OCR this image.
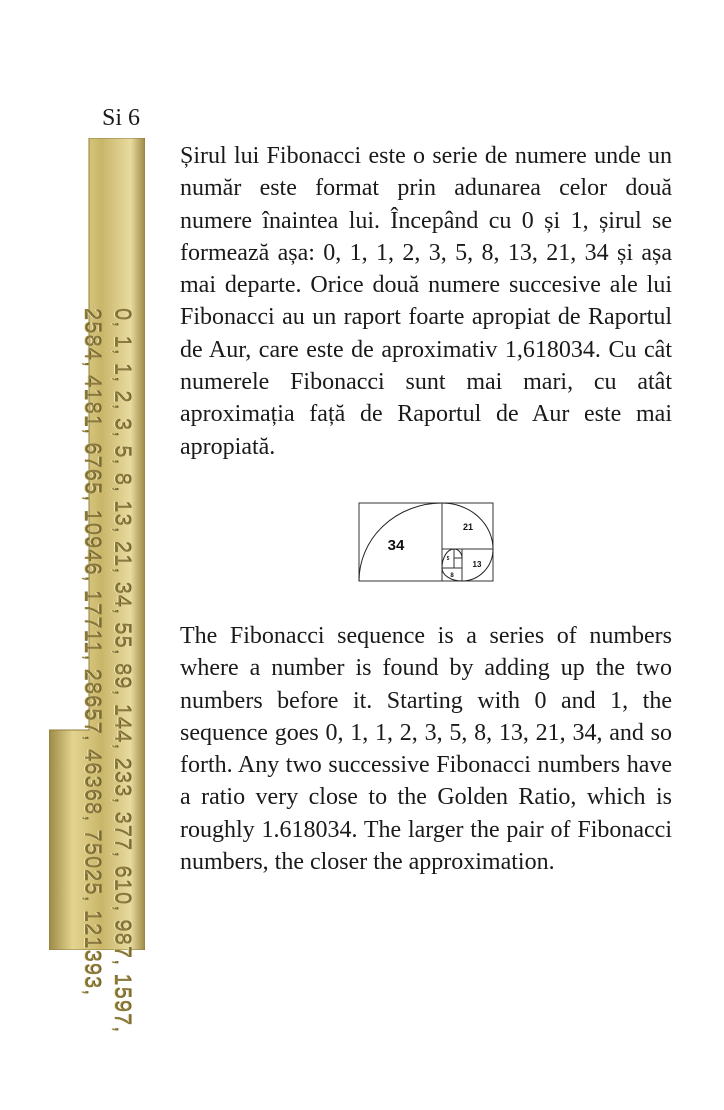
Si 6
0, 1, 1, 2, 3, 5, 8, 13, 21, 34, 55, 89, 144, 233, 377, 610, 987, 1597,
2584, 4181, 6765, 10946, 17711, 28657, 46368, 75025, 121393,

Șirul lui Fibonacci este o serie de numere unde un număr este format prin adunarea celor două numere înaintea lui. Începând cu 0 și 1, șirul se formează așa: 0, 1, 1, 2, 3, 5, 8, 13, 21, 34 și așa mai departe. Orice două numere succesive ale lui Fibonacci au un raport foarte apropiat de Raportul de Aur, care este de aproximativ 1,618034. Cu cât numerele Fibonacci sunt mai mari, cu atât aproximația față de Raportul de Aur este mai apropiată.

34
21
13
8
5

The Fibonacci sequence is a series of numbers where a number is found by adding up the two numbers before it. Starting with 0 and 1, the sequence goes 0, 1, 1, 2, 3, 5, 8, 13, 21, 34, and so forth. Any two successive Fibonacci numbers have a ratio very close to the Golden Ratio, which is roughly 1.618034. The larger the pair of Fibonacci numbers, the closer the approximation.
